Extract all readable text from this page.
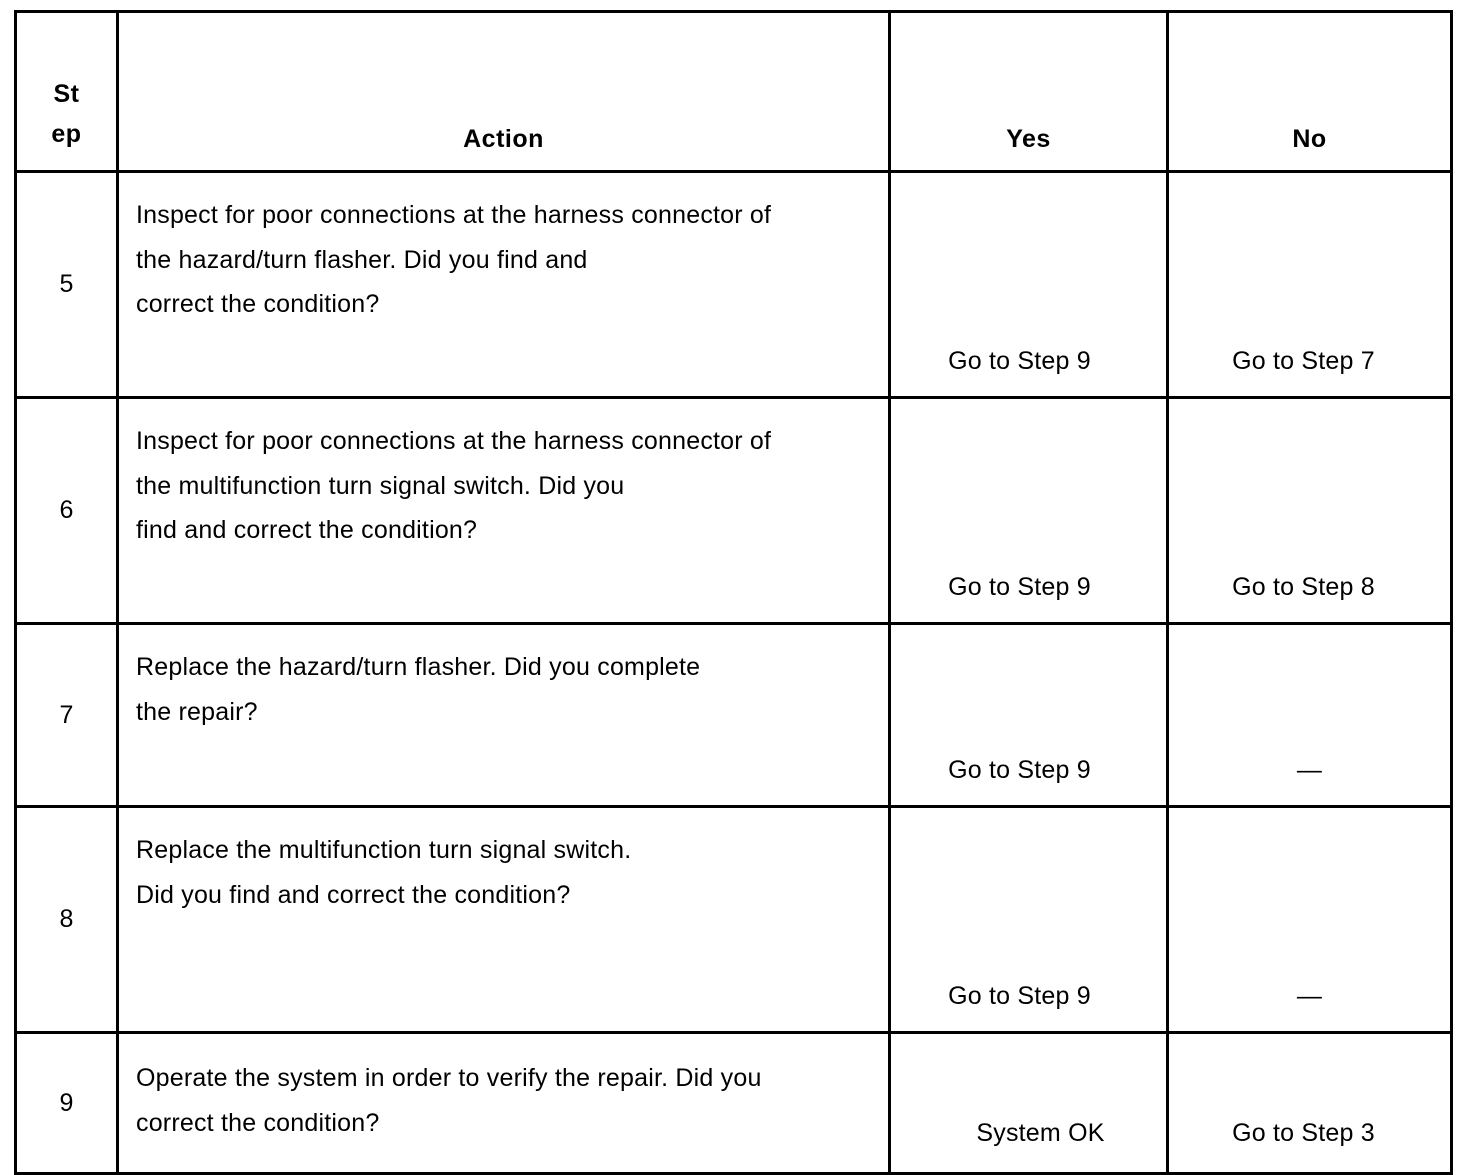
St
ep	Action	Yes	No
5	Inspect for poor connections at the harness connector of
the hazard/turn flasher. Did you find and
correct the condition?	Go to Step 9	Go to Step 7
6	Inspect for poor connections at the harness connector of
the multifunction turn signal switch. Did you
find and correct the condition?	Go to Step 9	Go to Step 8
7	Replace the hazard/turn flasher. Did you complete
the repair?	Go to Step 9	—
8	Replace the multifunction turn signal switch.
Did you find and correct the condition?	Go to Step 9	—
9	Operate the system in order to verify the repair. Did you
correct the condition?	System OK	Go to Step 3
